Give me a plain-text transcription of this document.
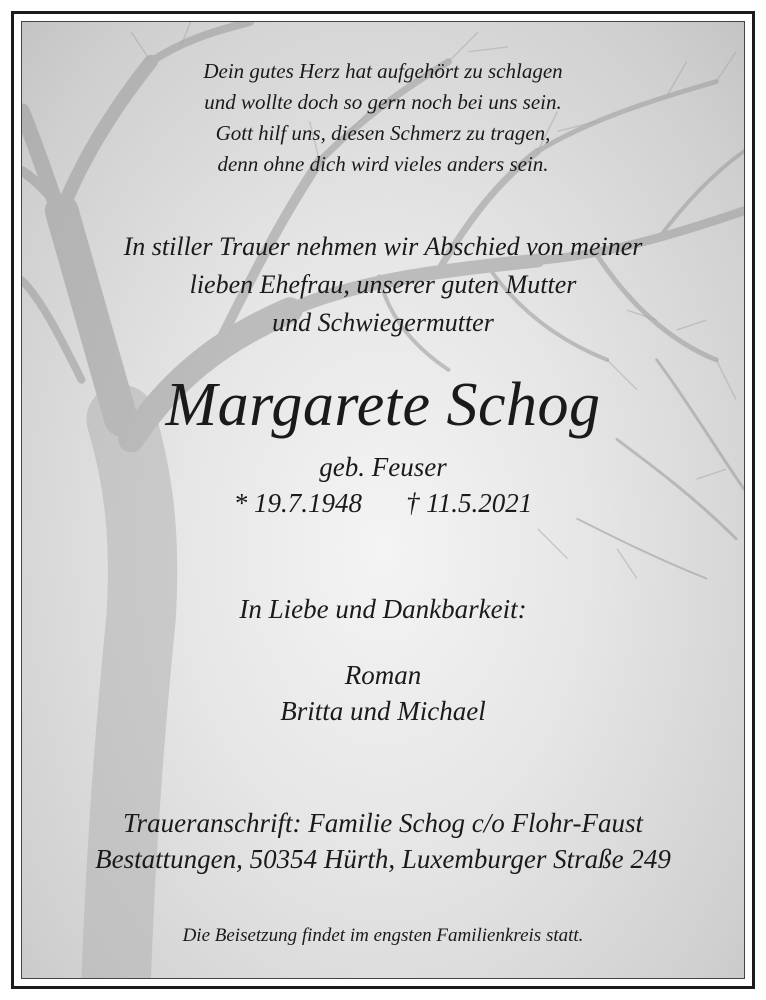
Dein gutes Herz hat aufgehört zu schlagen
und wollte doch so gern noch bei uns sein.
Gott hilf uns, diesen Schmerz zu tragen,
denn ohne dich wird vieles anders sein.
In stiller Trauer nehmen wir Abschied von meiner
lieben Ehefrau, unserer guten Mutter
und Schwiegermutter
Margarete Schog
geb. Feuser
* 19.7.1948 † 11.5.2021
In Liebe und Dankbarkeit:
Roman
Britta und Michael
Traueranschrift: Familie Schog c/o Flohr-Faust
Bestattungen, 50354 Hürth, Luxemburger Straße 249
Die Beisetzung findet im engsten Familienkreis statt.
